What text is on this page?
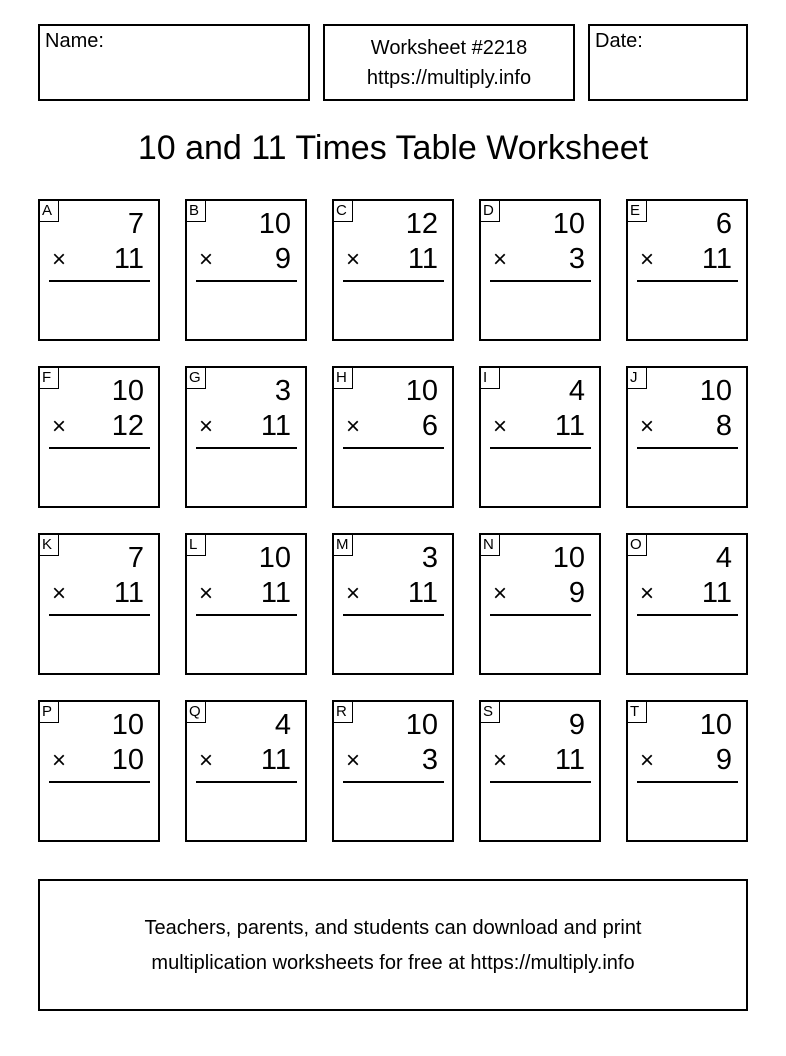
Name:	Worksheet #2218
https://multiply.info
Date:
10 and 11 Times Table Worksheet
A	7
× 11
B 10
× 9
C 12
× 11
D 10
× 3
E	6
× 11
F 10
× 12
G	3
× 11
H 10
× 6
I	4
× 11
J	10
× 8
K	7
× 11
L 10
× 11
M	3
× 11
N 10
× 9
O	4
× 11
P 10
× 10
Q	4
× 11
R 10
× 3
S	9
× 11
T 10
× 9
Teachers, parents, and students can download and print
multiplication worksheets for free at https://multiply.info
